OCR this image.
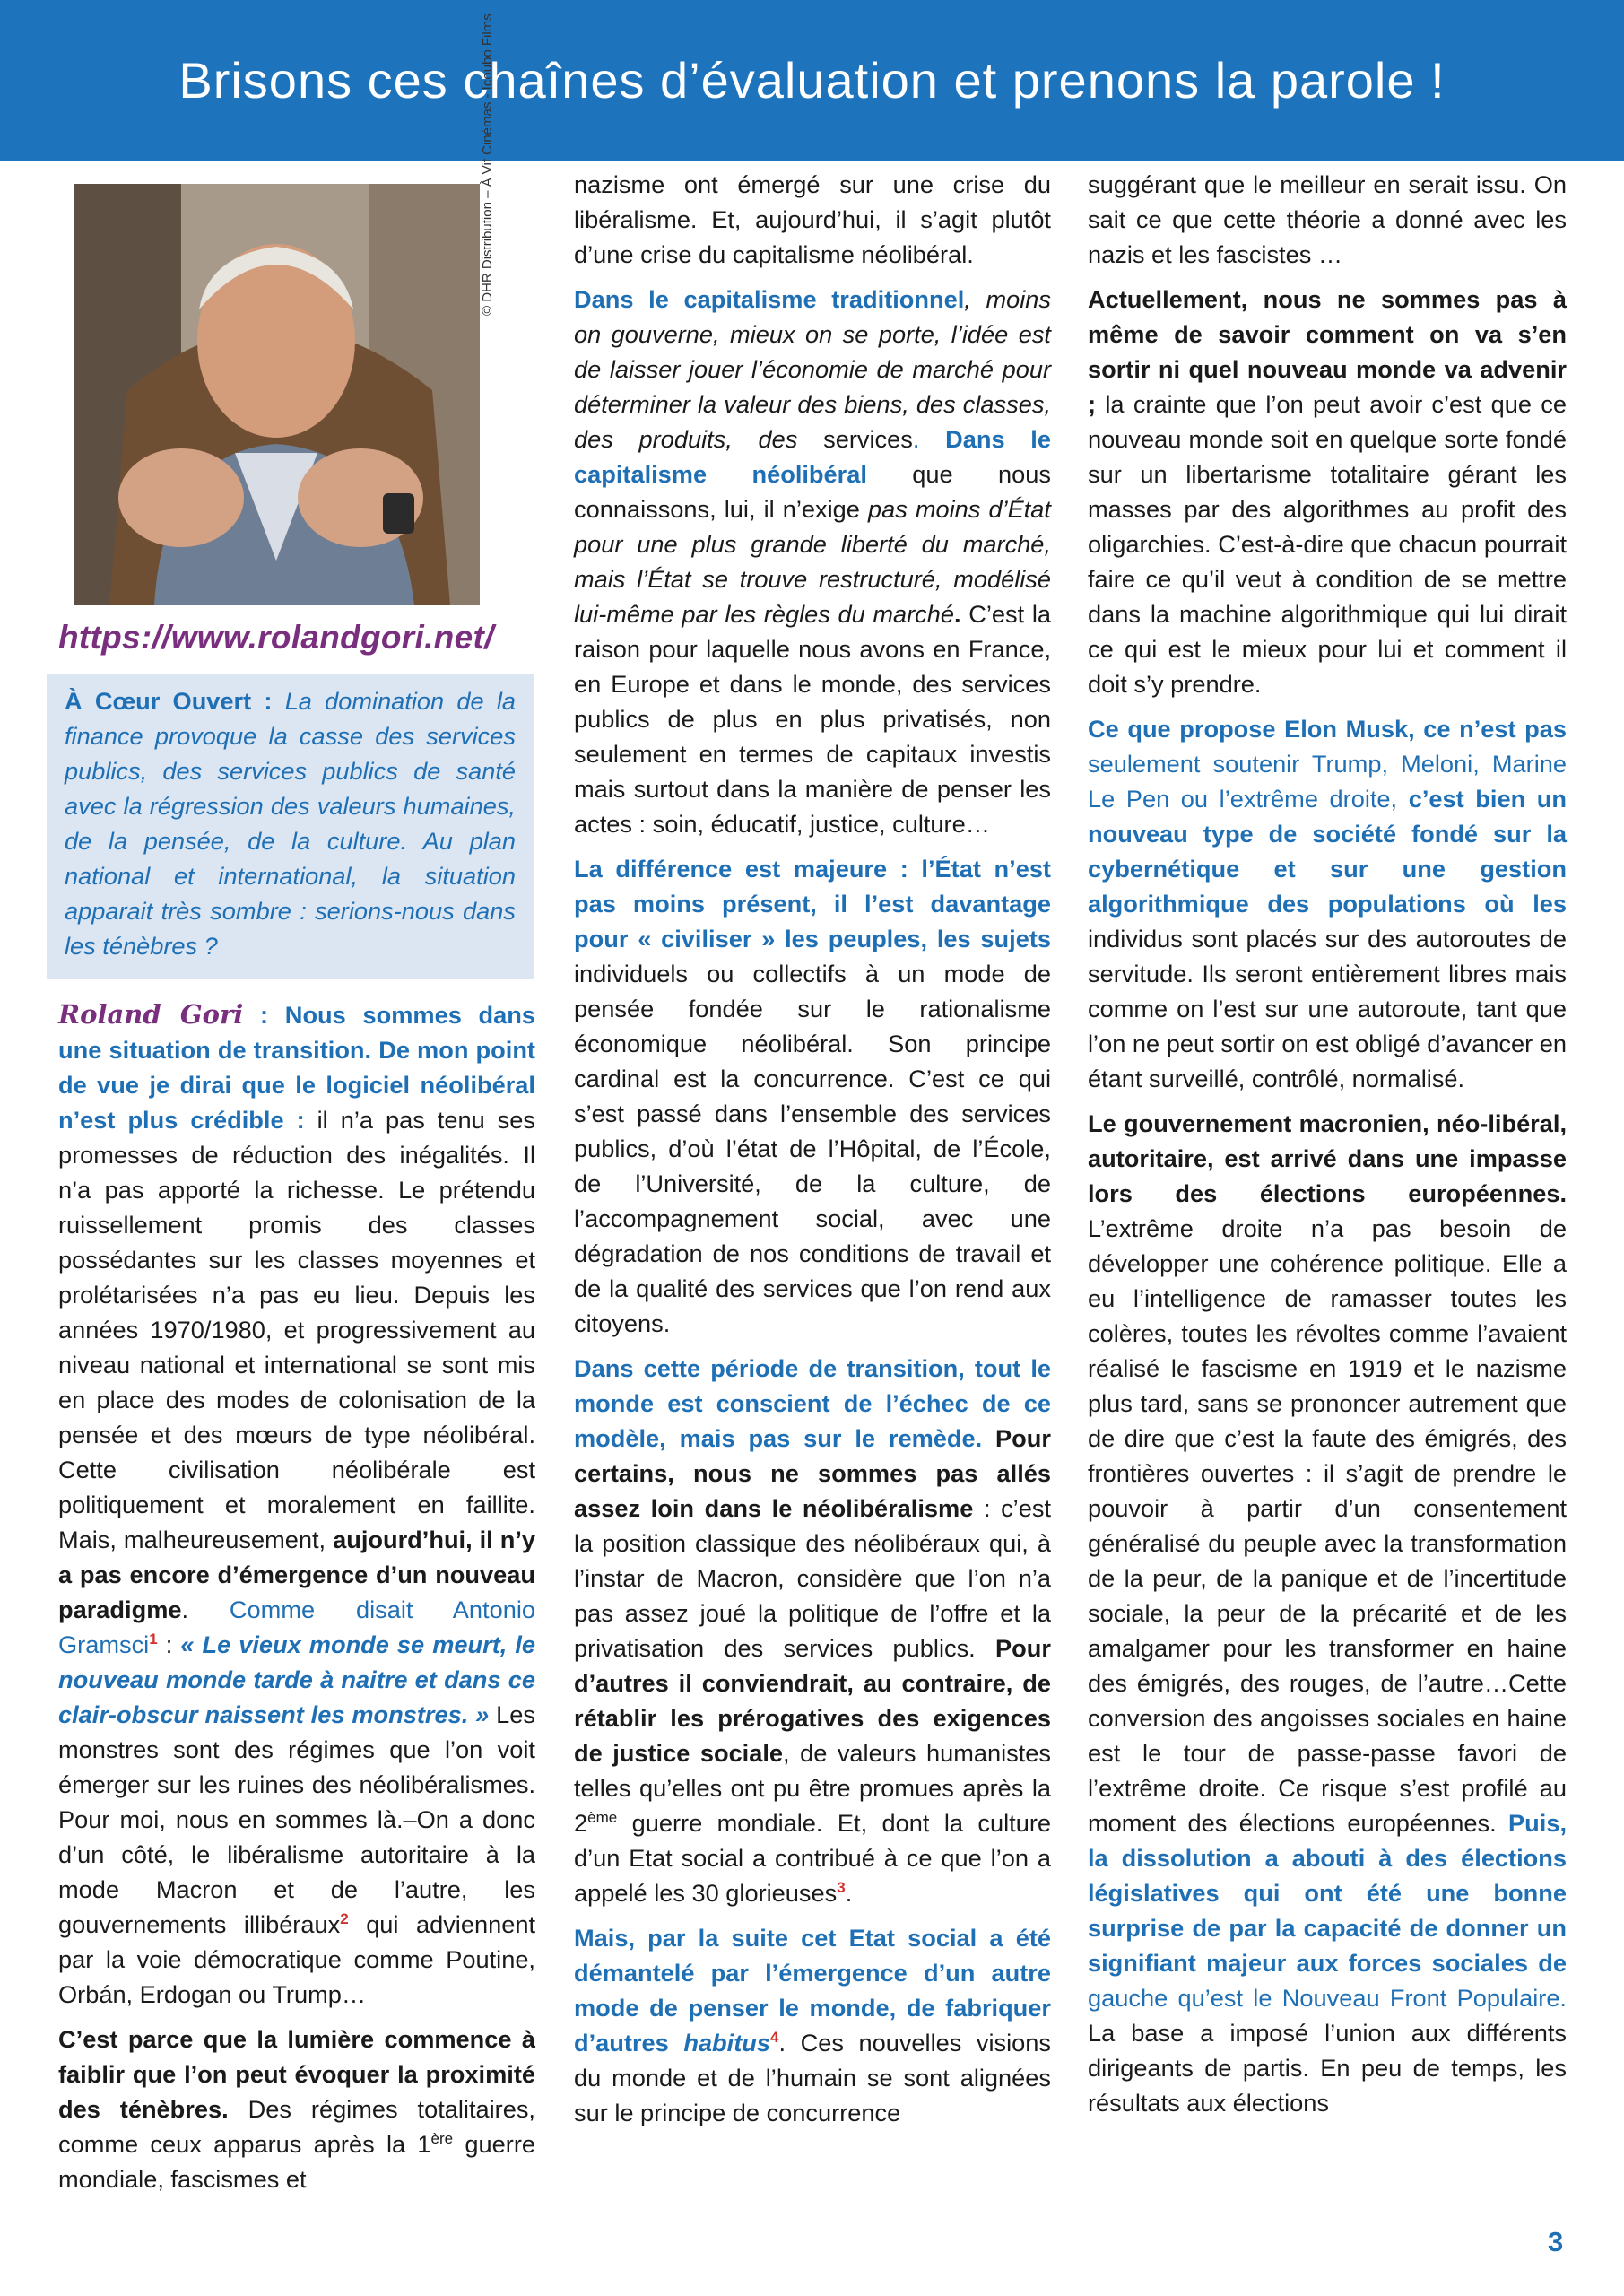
Brisons ces chaînes d’évaluation et prenons la parole !
© DHR Distribution – À Vif Cinémas - Icoubo Films
https://www.rolandgori.net/
À Cœur Ouvert : La domination de la finance provoque la casse des services publics, des services publics de santé avec la régression des valeurs humaines, de la pensée, de la culture. Au plan national et international, la situation apparait très sombre : serions-nous dans les ténèbres ?

Roland Gori : Nous sommes dans une situation de transition. De mon point de vue je dirai que le logiciel néolibéral n’est plus crédible : il n’a pas tenu ses promesses de réduction des inégalités. Il n’a pas apporté la richesse. Le prétendu ruissellement promis des classes possédantes sur les classes moyennes et prolétarisées n’a pas eu lieu. Depuis les années 1970/1980, et progressivement au niveau national et international se sont mis en place des modes de colonisation de la pensée et des mœurs de type néolibéral. Cette civilisation néolibérale est politiquement et moralement en faillite. Mais, malheureusement, aujourd’hui, il n’y a pas encore d’émergence d’un nouveau paradigme. Comme disait Antonio Gramsci$^1$ : « Le vieux monde se meurt, le nouveau monde tarde à naitre et dans ce clair-obscur naissent les monstres. » Les monstres sont des régimes que l’on voit émerger sur les ruines des néolibéralismes. Pour moi, nous en sommes là.–On a donc d’un côté, le libéralisme autoritaire à la mode Macron et de l’autre, les gouvernements illibéraux$^2$ qui adviennent par la voie démocratique comme Poutine, Orbán, Erdogan ou Trump…

C’est parce que la lumière commence à faiblir que l’on peut évoquer la proximité des ténèbres. Des régimes totalitaires, comme ceux apparus après la 1ère guerre mondiale, fascismes et

nazisme ont émergé sur une crise du libéralisme. Et, aujourd’hui, il s’agit plutôt d’une crise du capitalisme néolibéral.

Dans le capitalisme traditionnel, moins on gouverne, mieux on se porte, l’idée est de laisser jouer l’économie de marché pour déterminer la valeur des biens, des classes, des produits, des services. Dans le capitalisme néolibéral que nous connaissons, lui, il n’exige pas moins d’État pour une plus grande liberté du marché, mais l’État se trouve restructuré, modélisé lui-même par les règles du marché. C’est la raison pour laquelle nous avons en France, en Europe et dans le monde, des services publics de plus en plus privatisés, non seulement en termes de capitaux investis mais surtout dans la manière de penser les actes : soin, éducatif, justice, culture…

La différence est majeure : l’État n’est pas moins présent, il l’est davantage pour « civiliser » les peuples, les sujets individuels ou collectifs à un mode de pensée fondée sur le rationalisme économique néolibéral. Son principe cardinal est la concurrence. C’est ce qui s’est passé dans l’ensemble des services publics, d’où l’état de l’Hôpital, de l’École, de l’Université, de la culture, de l’accompagnement social, avec une dégradation de nos conditions de travail et de la qualité des services que l’on rend aux citoyens.

Dans cette période de transition, tout le monde est conscient de l’échec de ce modèle, mais pas sur le remède. Pour certains, nous ne sommes pas allés assez loin dans le néolibéralisme : c’est la position classique des néolibéraux qui, à l’instar de Macron, considère que l’on n’a pas assez joué la politique de l’offre et la privatisation des services publics. Pour d’autres il conviendrait, au contraire, de rétablir les prérogatives des exigences de justice sociale, de valeurs humanistes telles qu’elles ont pu être promues après la 2ème guerre mondiale. Et, dont la culture d’un Etat social a contribué à ce que l’on a appelé les 30 glorieuses$^3$.

Mais, par la suite cet Etat social a été démantelé par l’émergence d’un autre mode de penser le monde, de fabriquer d’autres habitus$^4$. Ces nouvelles visions du monde et de l’humain se sont alignées sur le principe de concurrence

suggérant que le meilleur en serait issu. On sait ce que cette théorie a donné avec les nazis et les fascistes …

Actuellement, nous ne sommes pas à même de savoir comment on va s’en sortir ni quel nouveau monde va advenir ; la crainte que l’on peut avoir c’est que ce nouveau monde soit en quelque sorte fondé sur un libertarisme totalitaire gérant les masses par des algorithmes au profit des oligarchies. C’est-à-dire que chacun pourrait faire ce qu’il veut à condition de se mettre dans la machine algorithmique qui lui dirait ce qui est le mieux pour lui et comment il doit s’y prendre.

Ce que propose Elon Musk, ce n’est pas seulement soutenir Trump, Meloni, Marine Le Pen ou l’extrême droite, c’est bien un nouveau type de société fondé sur la cybernétique et sur une gestion algorithmique des populations où les individus sont placés sur des autoroutes de servitude. Ils seront entièrement libres mais comme on l’est sur une autoroute, tant que l’on ne peut sortir on est obligé d’avancer en étant surveillé, contrôlé, normalisé.

Le gouvernement macronien, néo-libéral, autoritaire, est arrivé dans une impasse lors des élections européennes. L’extrême droite n’a pas besoin de développer une cohérence politique. Elle a eu l’intelligence de ramasser toutes les colères, toutes les révoltes comme l’avaient réalisé le fascisme en 1919 et le nazisme plus tard, sans se prononcer autrement que de dire que c’est la faute des émigrés, des frontières ouvertes : il s’agit de prendre le pouvoir à partir d’un consentement généralisé du peuple avec la transformation de la peur, de la panique et de l’incertitude sociale, la peur de la précarité et de les amalgamer pour les transformer en haine des émigrés, des rouges, de l’autre…Cette conversion des angoisses sociales en haine est le tour de passe-passe favori de l’extrême droite. Ce risque s’est profilé au moment des élections européennes. Puis, la dissolution a abouti à des élections législatives qui ont été une bonne surprise de par la capacité de donner un signifiant majeur aux forces sociales de gauche qu’est le Nouveau Front Populaire. La base a imposé l’union aux différents dirigeants de partis. En peu de temps, les résultats aux élections

3
